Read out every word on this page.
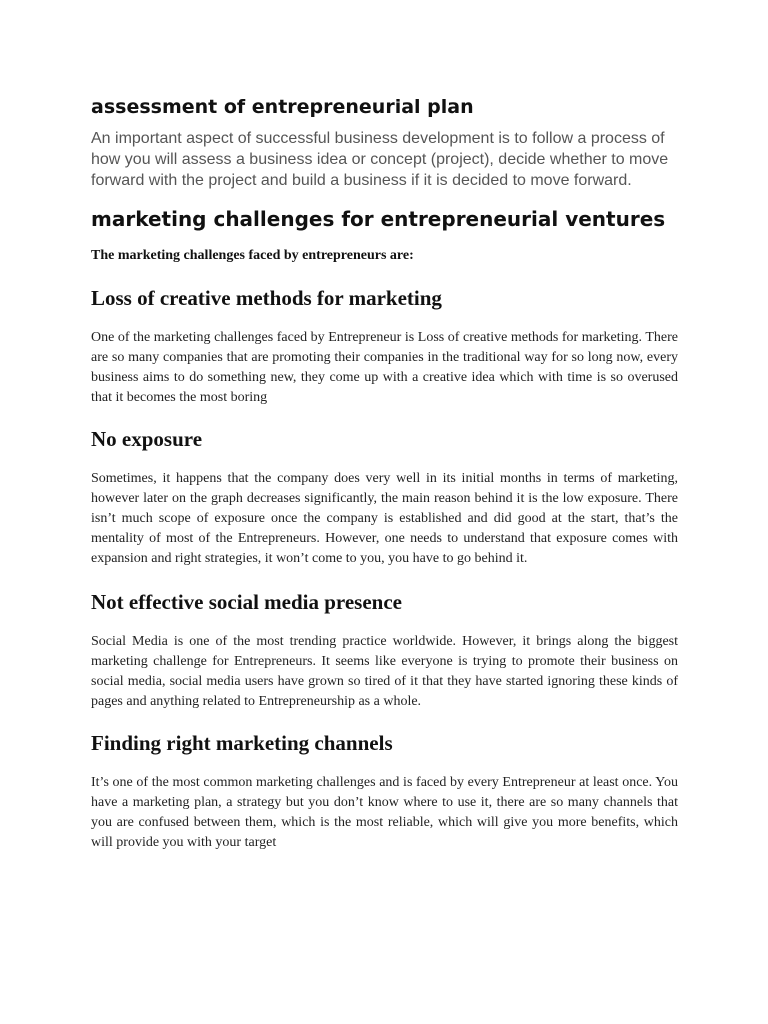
assessment of entrepreneurial plan

An important aspect of successful business development is to follow a process of how you will assess a business idea or concept (project), decide whether to move forward with the project and build a business if it is decided to move forward.

marketing challenges for entrepreneurial ventures

The marketing challenges faced by entrepreneurs are:

Loss of creative methods for marketing

One of the marketing challenges faced by Entrepreneur is Loss of creative methods for marketing. There are so many companies that are promoting their companies in the traditional way for so long now, every business aims to do something new, they come up with a creative idea which with time is so overused that it becomes the most boring

No exposure

Sometimes, it happens that the company does very well in its initial months in terms of marketing, however later on the graph decreases significantly, the main reason behind it is the low exposure. There isn’t much scope of exposure once the company is established and did good at the start, that’s the mentality of most of the Entrepreneurs. However, one needs to understand that exposure comes with expansion and right strategies, it won’t come to you, you have to go behind it.

Not effective social media presence

Social Media is one of the most trending practice worldwide. However, it brings along the biggest marketing challenge for Entrepreneurs. It seems like everyone is trying to promote their business on social media, social media users have grown so tired of it that they have started ignoring these kinds of pages and anything related to Entrepreneurship as a whole.

Finding right marketing channels

It’s one of the most common marketing challenges and is faced by every Entrepreneur at least once. You have a marketing plan, a strategy but you don’t know where to use it, there are so many channels that you are confused between them, which is the most reliable, which will give you more benefits, which will provide you with your target
